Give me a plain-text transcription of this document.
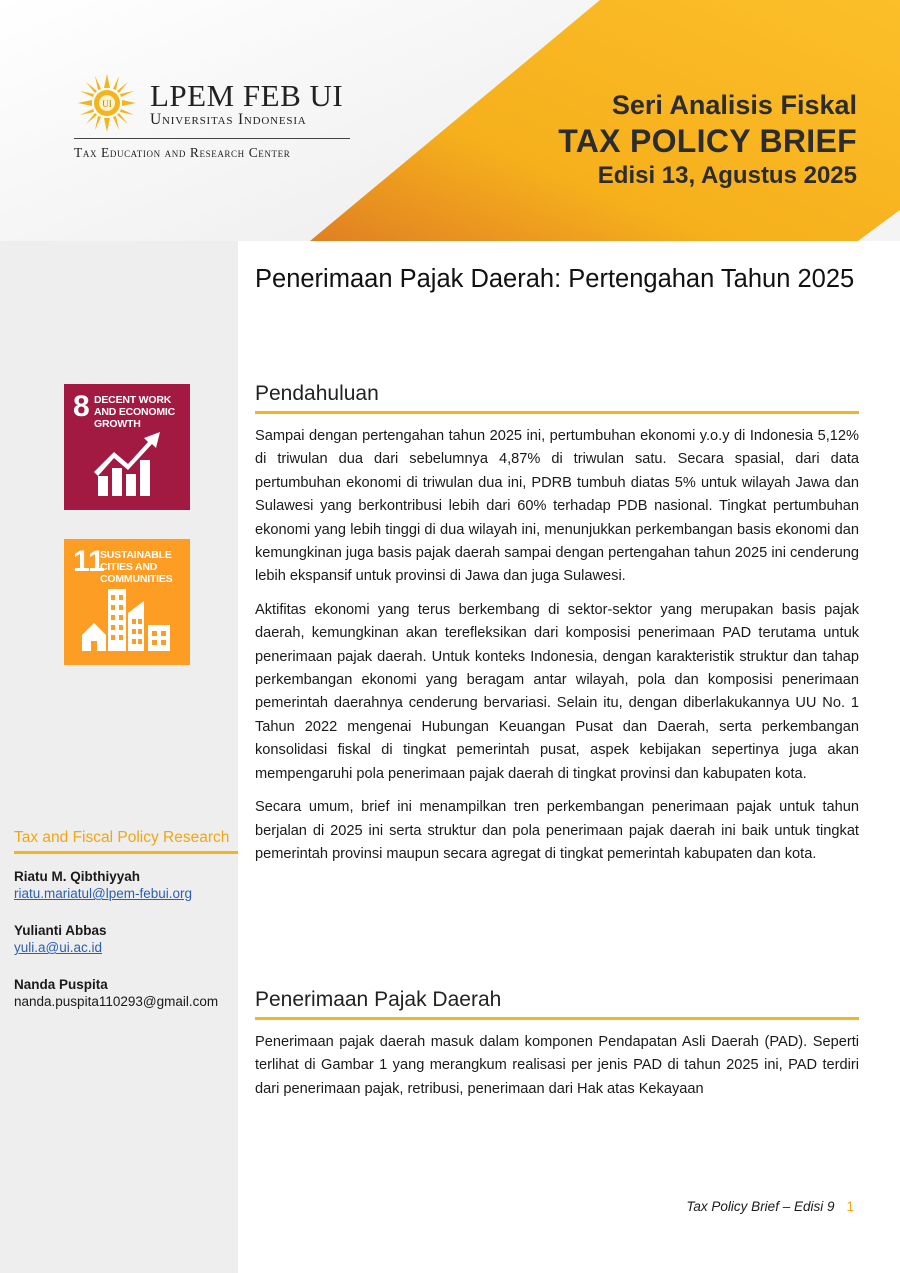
UI LPEM FEB UI
Universitas Indonesia
Tax Education and Research Center
Seri Analisis Fiskal
TAX POLICY BRIEF
Edisi 13, Agustus 2025
8 DECENT WORK AND ECONOMIC GROWTH
11
SUSTAINABLE CITIES AND COMMUNITIES
Tax and Fiscal Policy Research
Riatu M. Qibthiyyah
riatu.mariatul@lpem-febui.org
Yulianti Abbas
yuli.a@ui.ac.id
Nanda Puspita
nanda.puspita110293@gmail.com
Penerimaan Pajak Daerah: Pertengahan Tahun 2025
Pendahuluan

Sampai dengan pertengahan tahun 2025 ini, pertumbuhan ekonomi y.o.y di Indonesia 5,12% di triwulan dua dari sebelumnya 4,87% di triwulan satu. Secara spasial, dari data pertumbuhan ekonomi di triwulan dua ini, PDRB tumbuh diatas 5% untuk wilayah Jawa dan Sulawesi yang berkontribusi lebih dari 60% terhadap PDB nasional. Tingkat pertumbuhan ekonomi yang lebih tinggi di dua wilayah ini, menunjukkan perkembangan basis ekonomi dan kemungkinan juga basis pajak daerah sampai dengan pertengahan tahun 2025 ini cenderung lebih ekspansif untuk provinsi di Jawa dan juga Sulawesi.

Aktifitas ekonomi yang terus berkembang di sektor-sektor yang merupakan basis pajak daerah, kemungkinan akan terefleksikan dari komposisi penerimaan PAD terutama untuk penerimaan pajak daerah. Untuk konteks Indonesia, dengan karakteristik struktur dan tahap perkembangan ekonomi yang beragam antar wilayah, pola dan komposisi penerimaan pemerintah daerahnya cenderung bervariasi. Selain itu, dengan diberlakukannya UU No. 1 Tahun 2022 mengenai Hubungan Keuangan Pusat dan Daerah, serta perkembangan konsolidasi fiskal di tingkat pemerintah pusat, aspek kebijakan sepertinya juga akan mempengaruhi pola penerimaan pajak daerah di tingkat provinsi dan kabupaten kota.

Secara umum, brief ini menampilkan tren perkembangan penerimaan pajak untuk tahun berjalan di 2025 ini serta struktur dan pola penerimaan pajak daerah ini baik untuk tingkat pemerintah provinsi maupun secara agregat di tingkat pemerintah kabupaten dan kota.

Penerimaan Pajak Daerah

Penerimaan pajak daerah masuk dalam komponen Pendapatan Asli Daerah (PAD). Seperti terlihat di Gambar 1 yang merangkum realisasi per jenis PAD di tahun 2025 ini, PAD terdiri dari penerimaan pajak, retribusi, penerimaan dari Hak atas Kekayaan

Tax Policy Brief – Edisi 9 1
